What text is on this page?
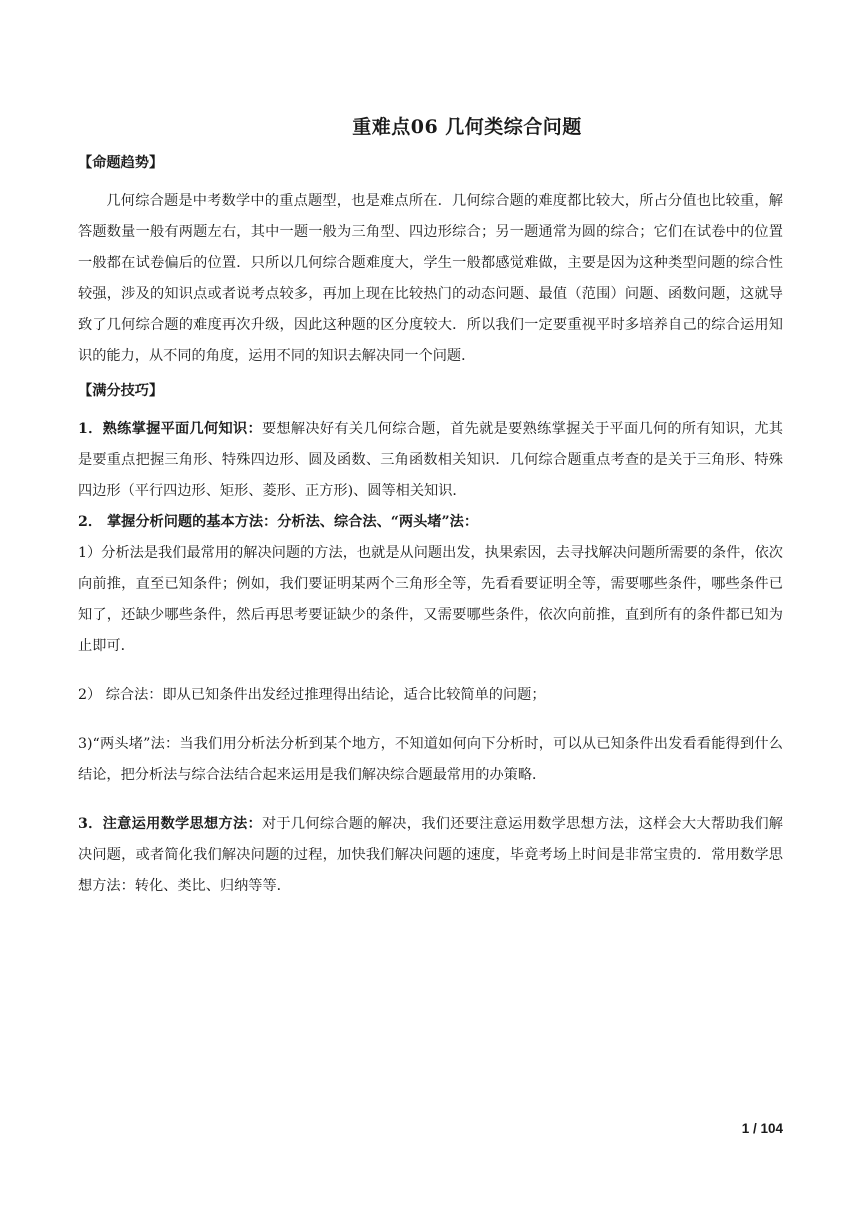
重难点06 几何类综合问题
【命题趋势】

几何综合题是中考数学中的重点题型，也是难点所在．几何综合题的难度都比较大，所占分值也比较重，解答题数量一般有两题左右，其中一题一般为三角型、四边形综合；另一题通常为圆的综合；它们在试卷中的位置一般都在试卷偏后的位置．只所以几何综合题难度大，学生一般都感觉难做，主要是因为这种类型问题的综合性较强，涉及的知识点或者说考点较多，再加上现在比较热门的动态问题、最值（范围）问题、函数问题，这就导致了几何综合题的难度再次升级，因此这种题的区分度较大．所以我们一定要重视平时多培养自己的综合运用知识的能力，从不同的角度，运用不同的知识去解决同一个问题．

【满分技巧】

1．熟练掌握平面几何知识：要想解决好有关几何综合题，首先就是要熟练掌握关于平面几何的所有知识，尤其是要重点把握三角形、特殊四边形、圆及函数、三角函数相关知识．几何综合题重点考查的是关于三角形、特殊四边形（平行四边形、矩形、菱形、正方形)、圆等相关知识．

2． 掌握分析问题的基本方法：分析法、综合法、“两头堵”法：

1）分析法是我们最常用的解决问题的方法，也就是从问题出发，执果索因，去寻找解决问题所需要的条件，依次向前推，直至已知条件；例如，我们要证明某两个三角形全等，先看看要证明全等，需要哪些条件，哪些条件已知了，还缺少哪些条件，然后再思考要证缺少的条件，又需要哪些条件，依次向前推，直到所有的条件都已知为止即可．

2） 综合法：即从已知条件出发经过推理得出结论，适合比较简单的问题；

3)“两头堵”法：当我们用分析法分析到某个地方，不知道如何向下分析时，可以从已知条件出发看看能得到什么结论，把分析法与综合法结合起来运用是我们解决综合题最常用的办策略．

3．注意运用数学思想方法：对于几何综合题的解决，我们还要注意运用数学思想方法，这样会大大帮助我们解决问题，或者简化我们解决问题的过程，加快我们解决问题的速度，毕竟考场上时间是非常宝贵的．常用数学思想方法：转化、类比、归纳等等．

1 / 104
